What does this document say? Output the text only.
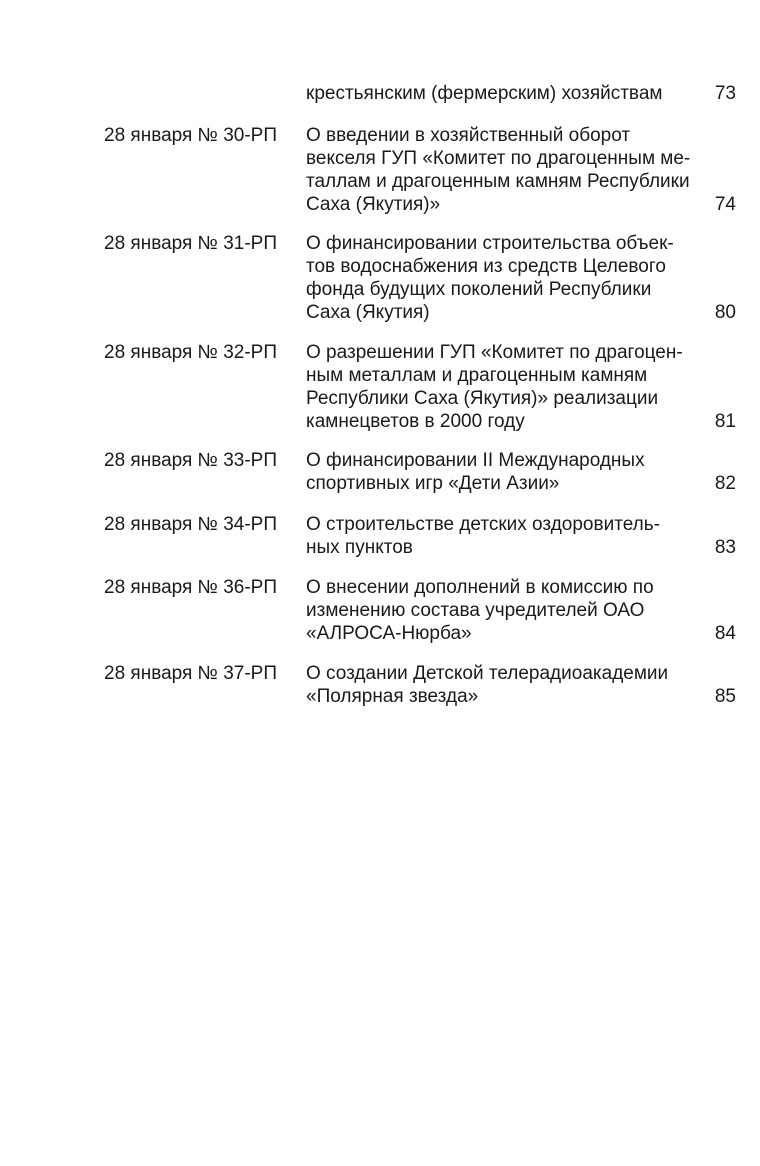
крестьянским (фермерским) хозяйствам	73
28 января № 30-РП О введении в хозяйственный оборот
векселя ГУП «Комитет по драгоценным ме-
таллам и драгоценным камням Республики
Саха (Якутия)»	74
28 января № 31-РП О финансировании строительства объек-
тов водоснабжения из средств Целевого
фонда будущих поколений Республики
Саха (Якутия)	80
28 января № 32-РП О разрешении ГУП «Комитет по драгоцен-
ным металлам и драгоценным камням
Республики Саха (Якутия)» реализации
камнецветов в 2000 году	81
28 января № 33-РП О финансировании II Международных
спортивных игр «Дети Азии»	82
28 января № 34-РП О строительстве детских оздоровитель-
ных пунктов	83
28 января № 36-РП О внесении дополнений в комиссию по
изменению состава учредителей ОАО
«АЛРОСА-Нюрба»	84
28 января № 37-РП О создании Детской телерадиоакадемии
«Полярная звезда»	85
